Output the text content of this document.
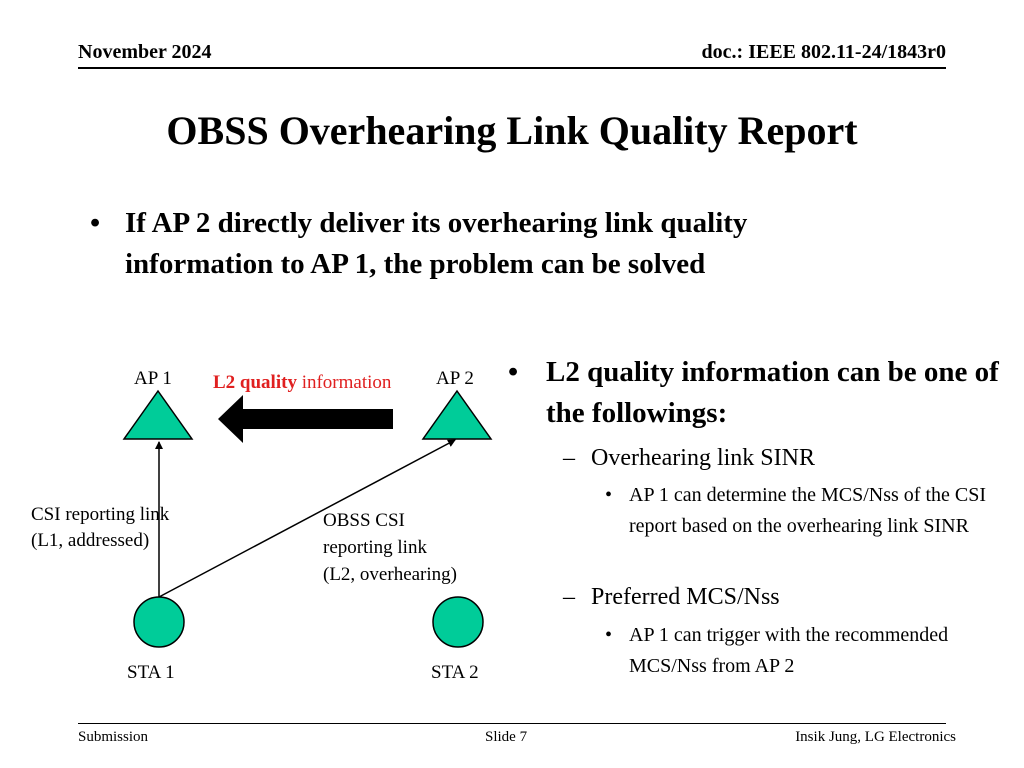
November 2024	doc.: IEEE 802.11-24/1843r0
OBSS Overhearing Link Quality Report
• If AP 2 directly deliver its overhearing link quality information to AP 1, the problem can be solved
AP 1	AP 2
L2 quality information
CSI reporting link
(L1, addressed)
OBSS CSI
reporting link
(L2, overhearing)
STA 1	STA 2
• L2 quality information can be one of the followings:
– Overhearing link SINR
• AP 1 can determine the MCS/Nss of the CSI report based on the overhearing link SINR
– Preferred MCS/Nss
• AP 1 can trigger with the recommended MCS/Nss from AP 2
Submission	Slide 7	Insik Jung, LG Electronics
